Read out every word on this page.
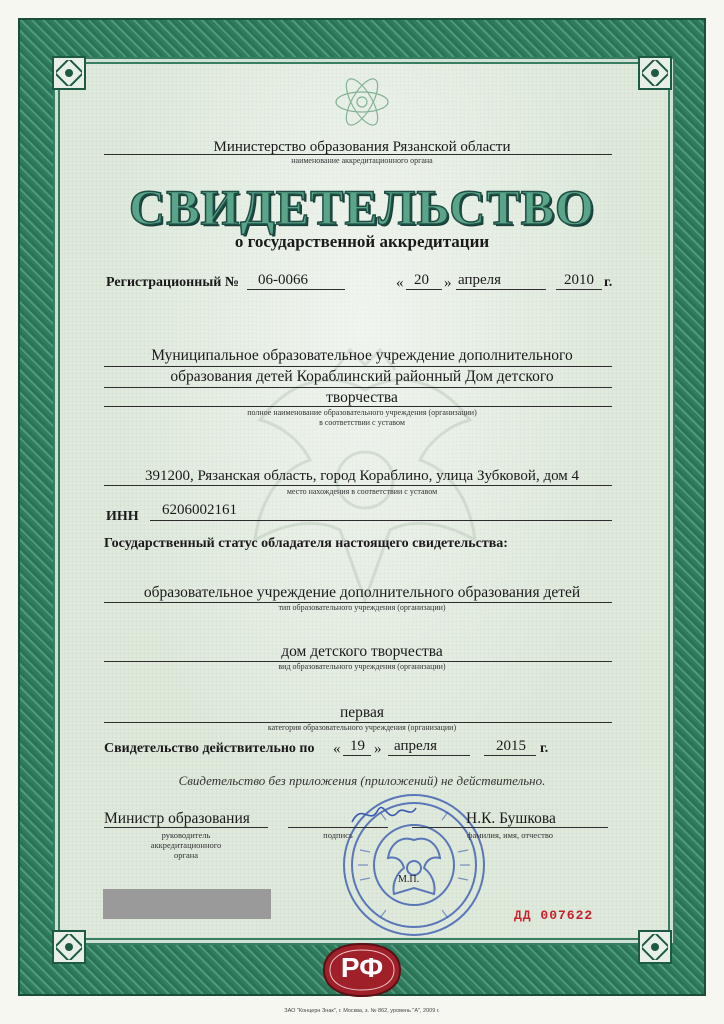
Министерство образования Рязанской области
наименование аккредитационного органа
СВИДЕТЕЛЬСТВО
о государственной аккредитации
Регистрационный № 06-0066	« 20 » апреля	2010 г.
Муниципальное образовательное учреждение дополнительного
образования детей Кораблинский районный Дом детского
творчества
полное наименование образовательного учреждения (организации)
в соответствии с уставом
391200, Рязанская область, город Кораблино, улица Зубковой, дом 4
место нахождения в соответствии с уставом
ИНН 6206002161
Государственный статус обладателя настоящего свидетельства:
образовательное учреждение дополнительного образования детей
тип образовательного учреждения (организации)
дом детского творчества
вид образовательного учреждения (организации)
первая
категория образовательного учреждения (организации)
Свидетельство действительно по « 19 » апреля	2015 г.
Свидетельство без приложения (приложений) не действительно.
Министр образования
руководитель
аккредитационного
органа
подпись
Н.К. Бушкова
фамилия, имя, отчество
М.П.
ДД 007622
РФ
ЗАО "Концерн Знак", г. Москва, з. № 862, уровень "А", 2009 г.
